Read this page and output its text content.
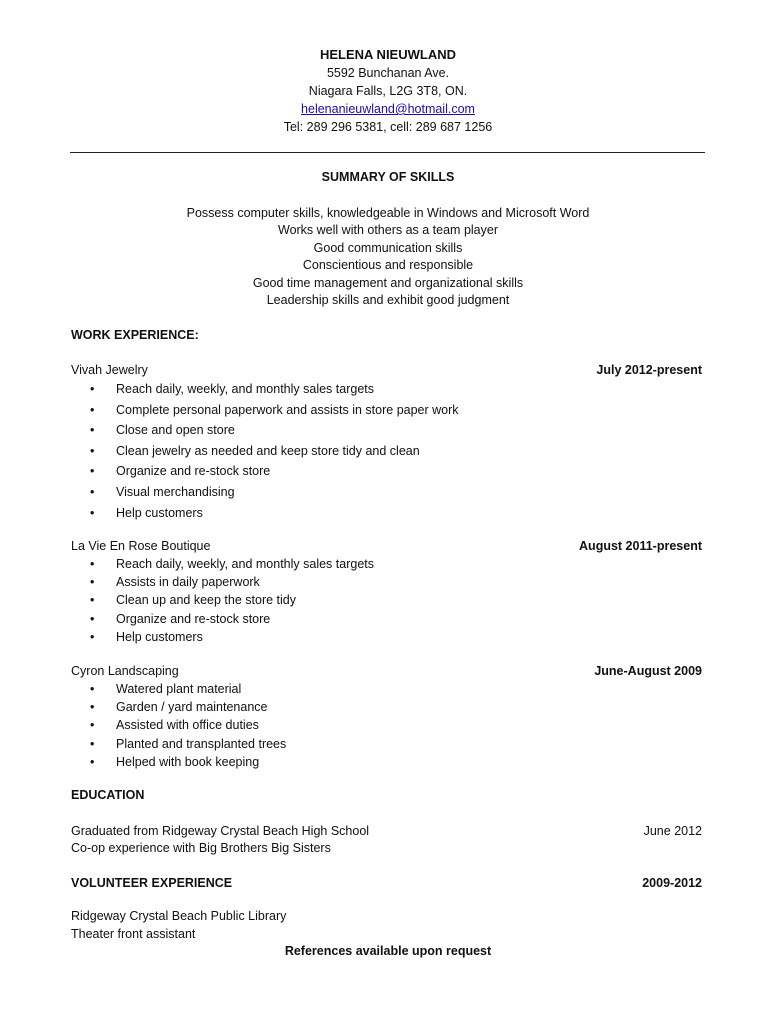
HELENA NIEUWLAND
5592 Bunchanan Ave.
Niagara Falls, L2G 3T8, ON.
helenanieuwland@hotmail.com
Tel: 289 296 5381, cell: 289 687 1256
SUMMARY OF SKILLS
Possess computer skills, knowledgeable in Windows and Microsoft Word
Works well with others as a team player
Good communication skills
Conscientious and responsible
Good time management and organizational skills
Leadership skills and exhibit good judgment
WORK EXPERIENCE:
Vivah Jewelry	July 2012-present
• Reach daily, weekly, and monthly sales targets
• Complete personal paperwork and assists in store paper work
• Close and open store
• Clean jewelry as needed and keep store tidy and clean
• Organize and re-stock store
• Visual merchandising
• Help customers
La Vie En Rose Boutique	August 2011-present
• Reach daily, weekly, and monthly sales targets
• Assists in daily paperwork
• Clean up and keep the store tidy
• Organize and re-stock store
• Help customers
Cyron Landscaping	June-August 2009
• Watered plant material
• Garden / yard maintenance
• Assisted with office duties
• Planted and transplanted trees
• Helped with book keeping
EDUCATION
Graduated from Ridgeway Crystal Beach High School	June 2012
Co-op experience with Big Brothers Big Sisters
VOLUNTEER EXPERIENCE	2009-2012
Ridgeway Crystal Beach Public Library
Theater front assistant
References available upon request
